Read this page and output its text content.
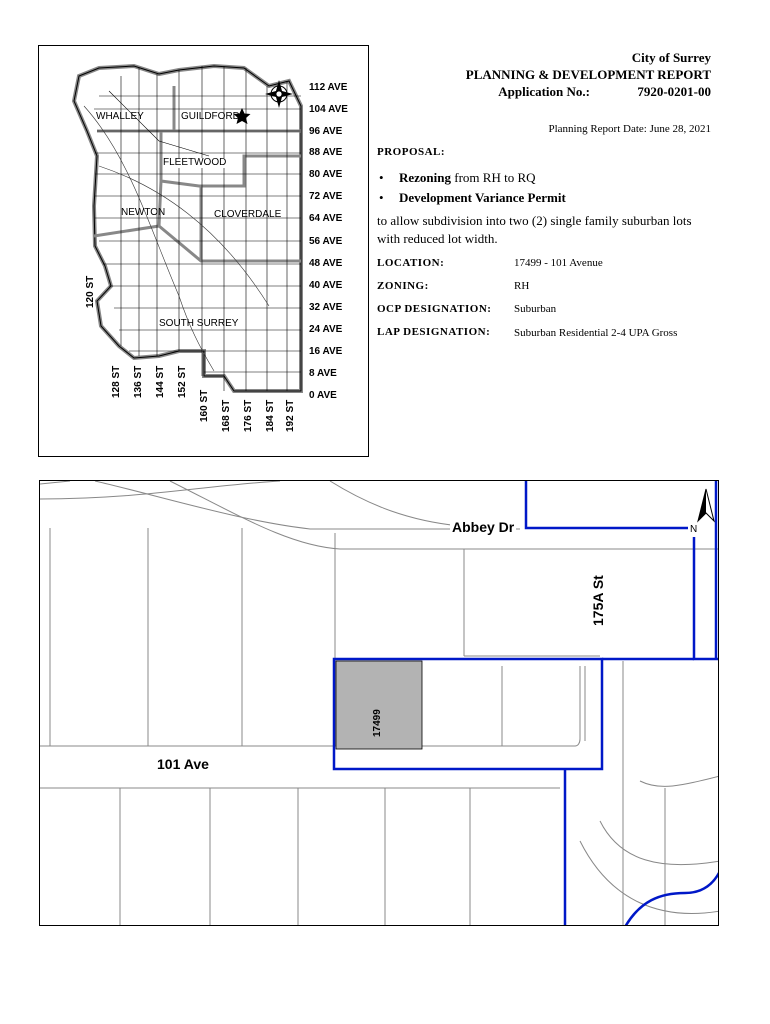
112 AVE
104 AVE
96 AVE
88 AVE
80 AVE
72 AVE
64 AVE
56 AVE
48 AVE
40 AVE
32 AVE
24 AVE
16 AVE
8 AVE
0 AVE
WHALLEY	GUILDFORD
FLEETWOOD
NEWTON	CLOVERDALE
SOUTH SURREY
120 ST
128 ST 136 ST 144 ST 152 ST
160 ST 168 ST 176 ST 184 ST 192 ST
City of Surrey
PLANNING & DEVELOPMENT REPORT
Application No.:	7920-0201-00
Planning Report Date: June 28, 2021
PROPOSAL:
• Rezoning from RH to RQ
• Development Variance Permit
to allow subdivision into two (2) single family suburban lots with reduced lot width.
LOCATION:	17499 - 101 Avenue
ZONING:	RH
OCP DESIGNATION: Suburban
LAP DESIGNATION: Suburban Residential 2-4 UPA Gross
Abbey Dr	N
175A St
101 Ave
17499
